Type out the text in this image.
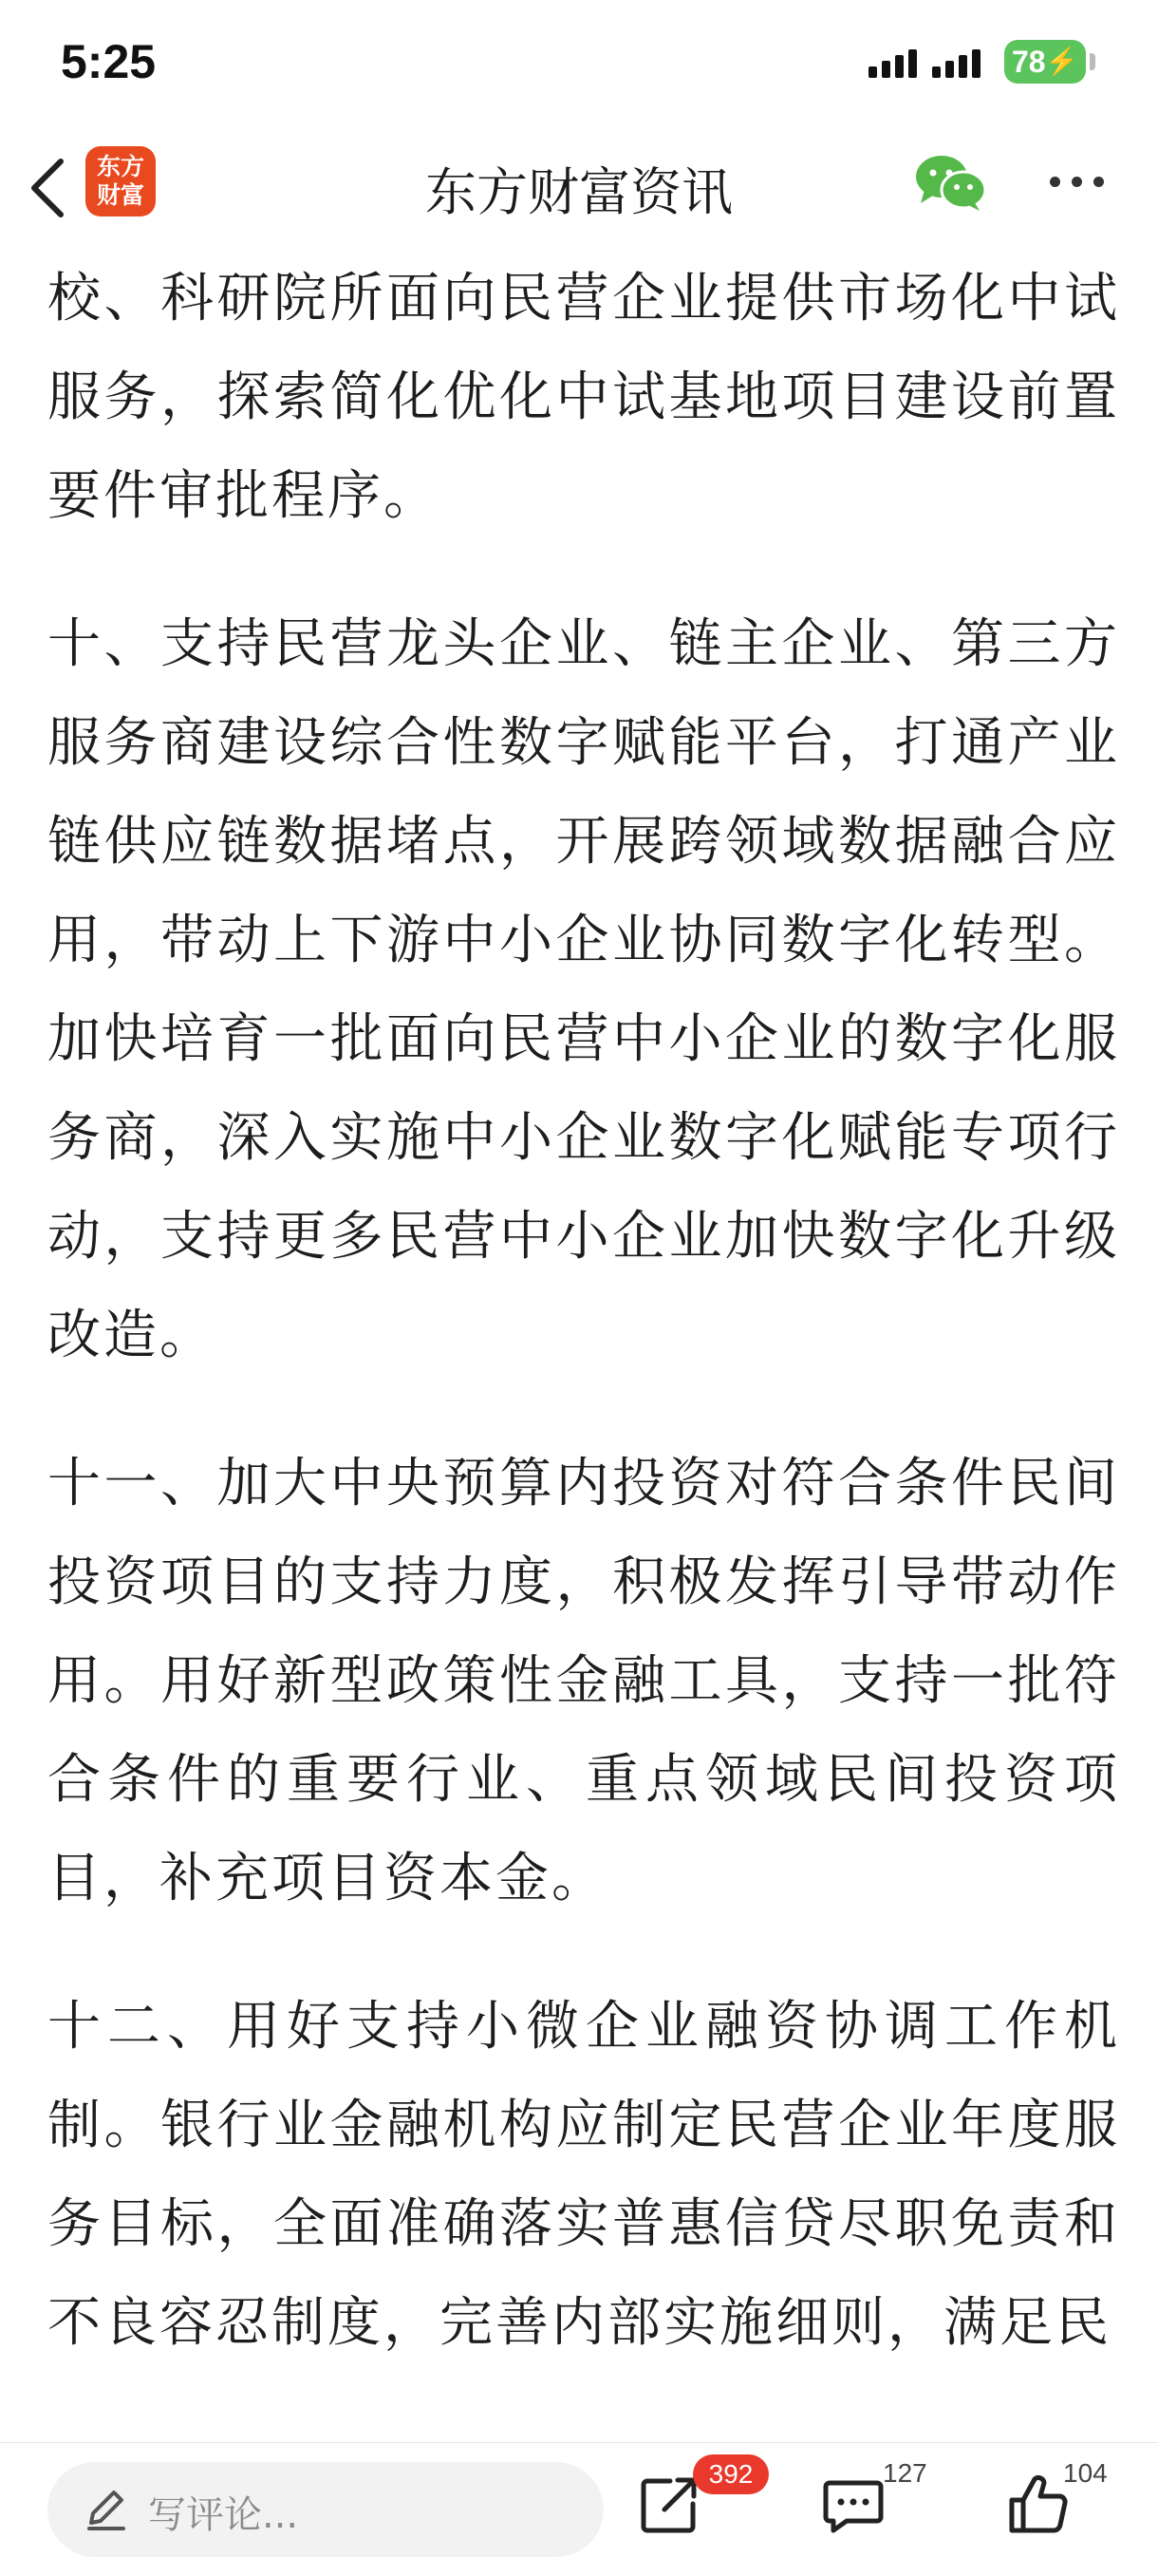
5:25	78 ⚡
东方
财富	东方财富资讯

校、科研院所面向民营企业提供市场化中试服务，探索简化优化中试基地项目建设前置要件审批程序。

十、支持民营龙头企业、链主企业、第三方服务商建设综合性数字赋能平台，打通产业链供应链数据堵点，开展跨领域数据融合应用，带动上下游中小企业协同数字化转型。加快培育一批面向民营中小企业的数字化服务商，深入实施中小企业数字化赋能专项行动，支持更多民营中小企业加快数字化升级改造。

十一、加大中央预算内投资对符合条件民间投资项目的支持力度，积极发挥引导带动作用。用好新型政策性金融工具，支持一批符合条件的重要行业、重点领域民间投资项目，补充项目资本金。

十二、用好支持小微企业融资协调工作机制。银行业金融机构应制定民营企业年度服务目标，全面准确落实普惠信贷尽职免责和不良容忍制度，完善内部实施细则，满足民

写评论...
392	127	104
